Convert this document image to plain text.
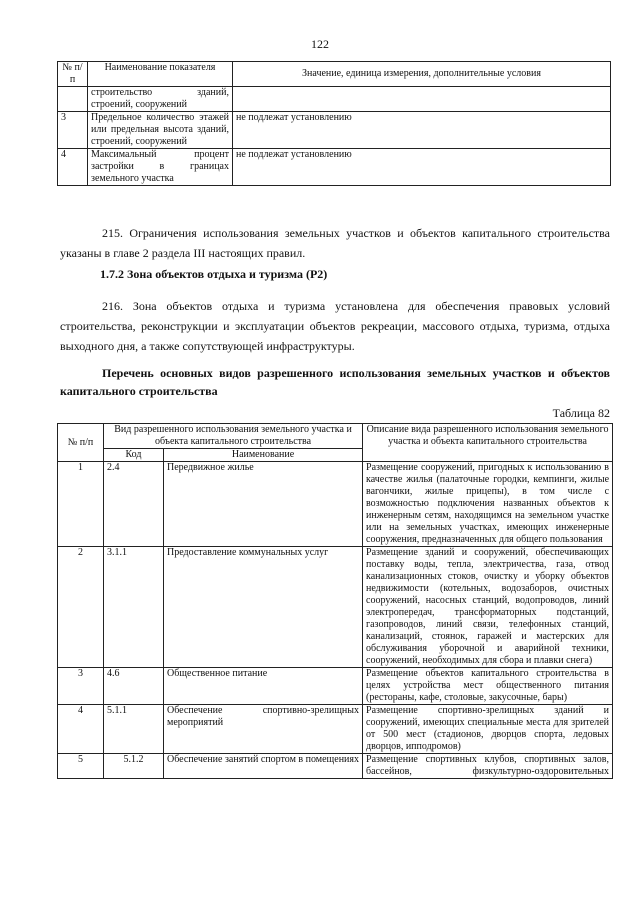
122
№ п/п	Наименование показателя	Значение, единица измерения, дополнительные условия
	строительство зданий, строений, сооружений	
3	Предельное количество этажей или предельная высота зданий, строений, сооружений	не подлежат установлению
4	Максимальный процент застройки в границах земельного участка	не подлежат установлению
215. Ограничения использования земельных участков и объектов капитального строительства указаны в главе 2 раздела III настоящих правил.
1.7.2 Зона объектов отдыха и туризма (Р2)
216. Зона объектов отдыха и туризма установлена для обеспечения правовых условий строительства, реконструкции и эксплуатации объектов рекреации, массового отдыха, туризма, отдыха выходного дня, а также сопутствующей инфраструктуры.
Перечень основных видов разрешенного использования земельных участков и объектов капитального строительства
Таблица 82
№ п/п	Вид разрешенного использования земельного участка и объекта капитального строительства		Описание вида разрешенного использования земельного участка и объекта капитального строительства
	Код	Наименование	
1	2.4	Передвижное жилье	Размещение сооружений, пригодных к использованию в качестве жилья (палаточные городки, кемпинги, жилые вагончики, жилые прицепы), в том числе с возможностью подключения названных объектов к инженерным сетям, находящимся на земельном участке или на земельных участках, имеющих инженерные сооружения, предназначенных для общего пользования
2	3.1.1	Предоставление коммунальных услуг	Размещение зданий и сооружений, обеспечивающих поставку воды, тепла, электричества, газа, отвод канализационных стоков, очистку и уборку объектов недвижимости (котельных, водозаборов, очистных сооружений, насосных станций, водопроводов, линий электропередач, трансформаторных подстанций, газопроводов, линий связи, телефонных станций, канализаций, стоянок, гаражей и мастерских для обслуживания уборочной и аварийной техники, сооружений, необходимых для сбора и плавки снега)
3	4.6	Общественное питание	Размещение объектов капитального строительства в целях устройства мест общественного питания (рестораны, кафе, столовые, закусочные, бары)
4	5.1.1	Обеспечение спортивно-зрелищных мероприятий	Размещение спортивно-зрелищных зданий и сооружений, имеющих специальные места для зрителей от 500 мест (стадионов, дворцов спорта, ледовых дворцов, ипподромов)
5	5.1.2	Обеспечение занятий спортом в помещениях	Размещение спортивных клубов, спортивных залов, бассейнов, физкультурно-оздоровительных
